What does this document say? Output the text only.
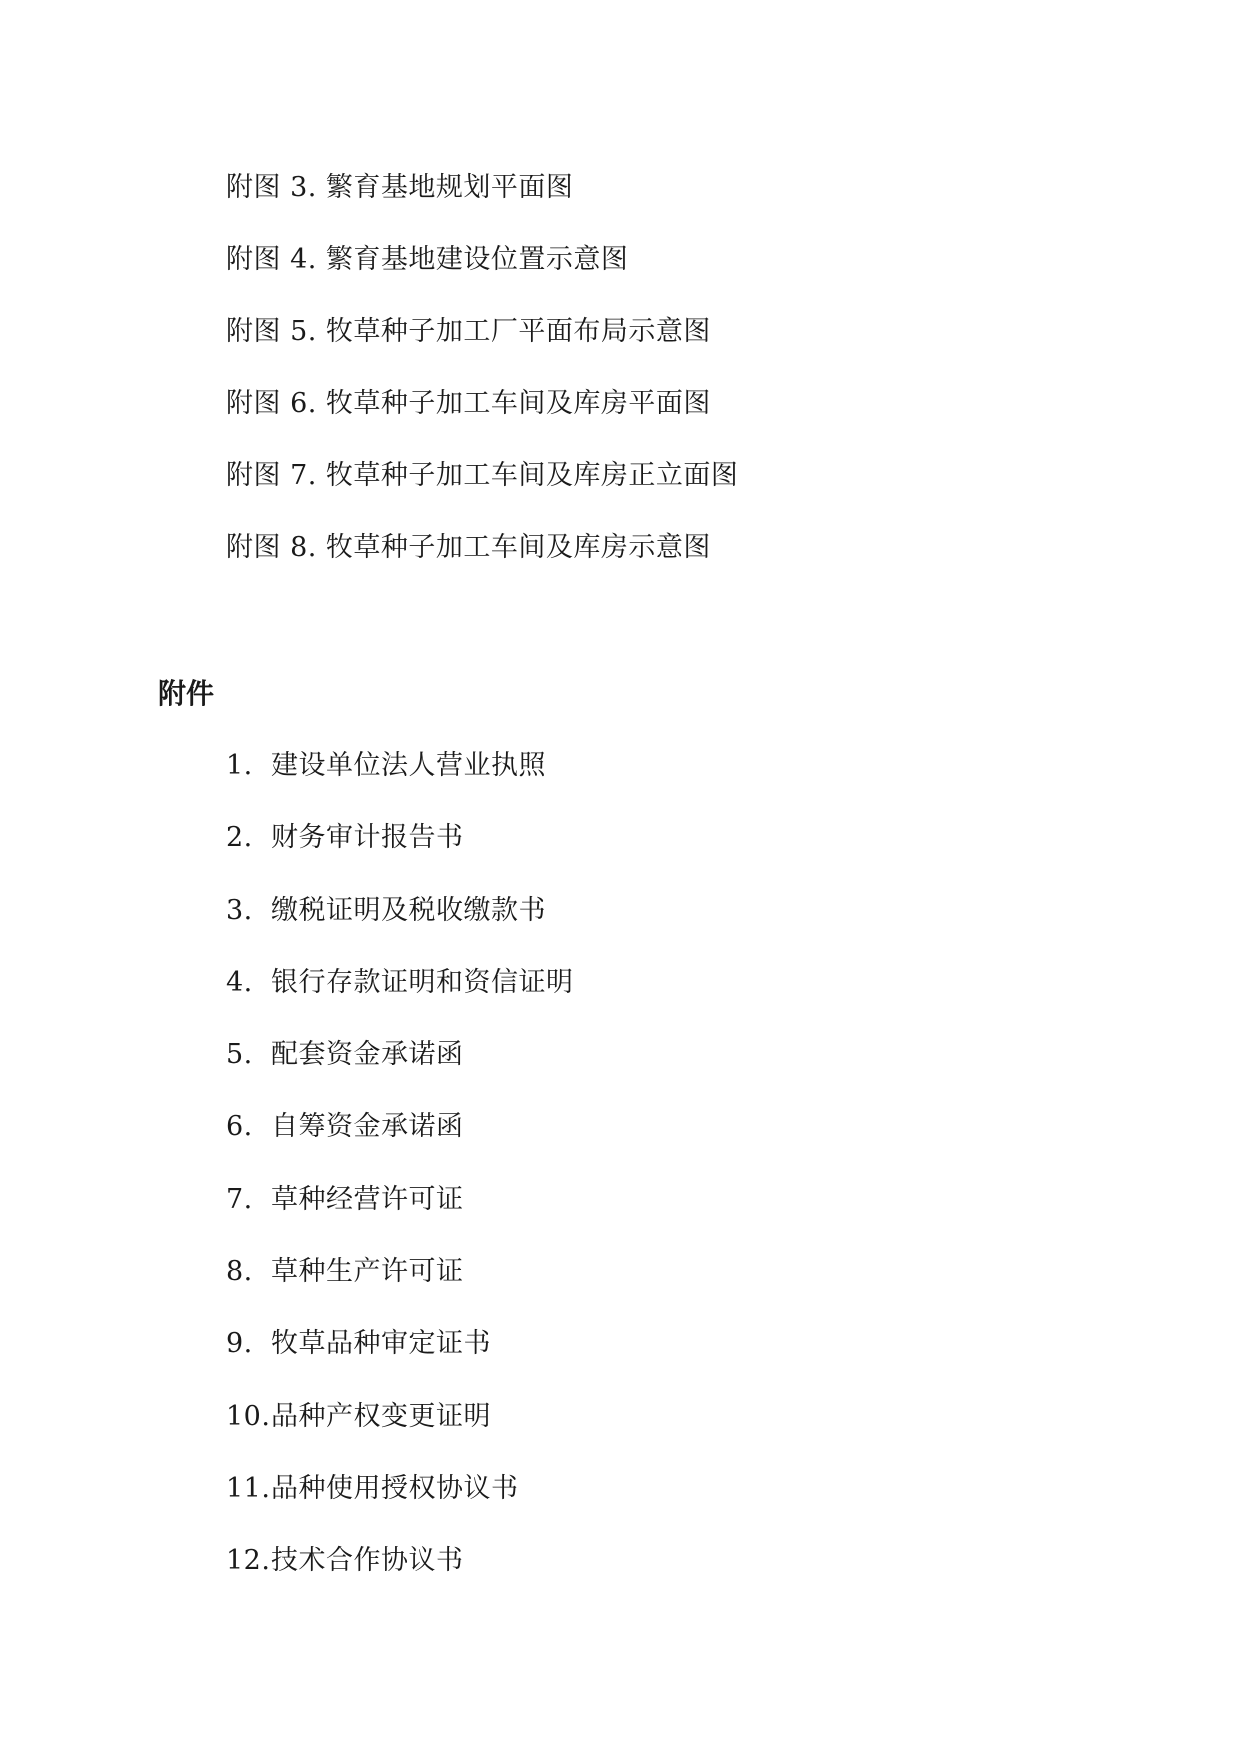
附图 3. 繁育基地规划平面图
附图 4. 繁育基地建设位置示意图
附图 5. 牧草种子加工厂平面布局示意图
附图 6. 牧草种子加工车间及库房平面图
附图 7. 牧草种子加工车间及库房正立面图
附图 8. 牧草种子加工车间及库房示意图
附件
1. 建设单位法人营业执照
2. 财务审计报告书
3. 缴税证明及税收缴款书
4. 银行存款证明和资信证明
5. 配套资金承诺函
6. 自筹资金承诺函
7. 草种经营许可证
8. 草种生产许可证
9. 牧草品种审定证书
10. 品种产权变更证明
11. 品种使用授权协议书
12. 技术合作协议书
